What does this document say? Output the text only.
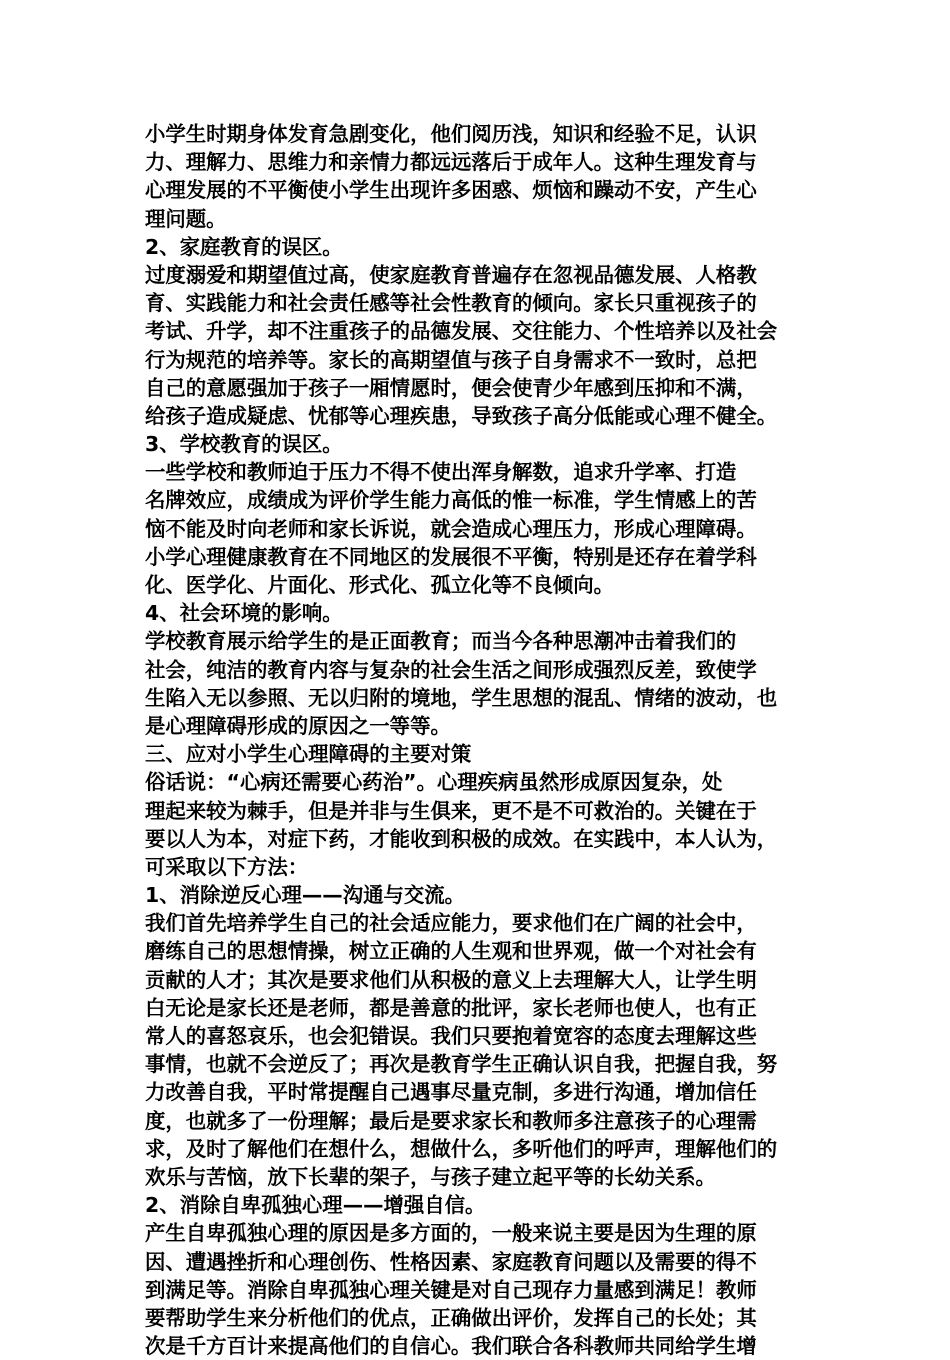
小学生时期身体发育急剧变化，他们阅历浅，知识和经验不足，认识
力、理解力、思维力和亲情力都远远落后于成年人。这种生理发育与
心理发展的不平衡使小学生出现许多困惑、烦恼和躁动不安，产生心
理问题。
2、家庭教育的误区。
过度溺爱和期望值过高，使家庭教育普遍存在忽视品德发展、人格教
育、实践能力和社会责任感等社会性教育的倾向。家长只重视孩子的
考试、升学，却不注重孩子的品德发展、交往能力、个性培养以及社会
行为规范的培养等。家长的高期望值与孩子自身需求不一致时，总把
自己的意愿强加于孩子一厢情愿时，便会使青少年感到压抑和不满，
给孩子造成疑虑、忧郁等心理疾患，导致孩子高分低能或心理不健全。
3、学校教育的误区。
一些学校和教师迫于压力不得不使出浑身解数，追求升学率、打造
名牌效应，成绩成为评价学生能力高低的惟一标准，学生情感上的苦
恼不能及时向老师和家长诉说，就会造成心理压力，形成心理障碍。
小学心理健康教育在不同地区的发展很不平衡，特别是还存在着学科
化、医学化、片面化、形式化、孤立化等不良倾向。
4、社会环境的影响。
学校教育展示给学生的是正面教育；而当今各种思潮冲击着我们的
社会，纯洁的教育内容与复杂的社会生活之间形成强烈反差，致使学
生陷入无以参照、无以归附的境地，学生思想的混乱、情绪的波动，也
是心理障碍形成的原因之一等等。
三、应对小学生心理障碍的主要对策
俗话说：“心病还需要心药治”。心理疾病虽然形成原因复杂，处
理起来较为棘手，但是并非与生俱来，更不是不可救治的。关键在于
要以人为本，对症下药，才能收到积极的成效。在实践中，本人认为，
可采取以下方法：
1、消除逆反心理——沟通与交流。
我们首先培养学生自己的社会适应能力，要求他们在广阔的社会中，
磨练自己的思想情操，树立正确的人生观和世界观，做一个对社会有
贡献的人才；其次是要求他们从积极的意义上去理解大人，让学生明
白无论是家长还是老师，都是善意的批评，家长老师也使人，也有正
常人的喜怒哀乐，也会犯错误。我们只要抱着宽容的态度去理解这些
事情，也就不会逆反了；再次是教育学生正确认识自我，把握自我，努
力改善自我，平时常提醒自己遇事尽量克制，多进行沟通，增加信任
度，也就多了一份理解；最后是要求家长和教师多注意孩子的心理需
求，及时了解他们在想什么，想做什么，多听他们的呼声，理解他们的
欢乐与苦恼，放下长辈的架子，与孩子建立起平等的长幼关系。
2、消除自卑孤独心理——增强自信。
产生自卑孤独心理的原因是多方面的，一般来说主要是因为生理的原
因、遭遇挫折和心理创伤、性格因素、家庭教育问题以及需要的得不
到满足等。消除自卑孤独心理关键是对自己现存力量感到满足！教师
要帮助学生来分析他们的优点，正确做出评价，发挥自己的长处；其
次是千方百计来提高他们的自信心。我们联合各科教师共同给学生增
